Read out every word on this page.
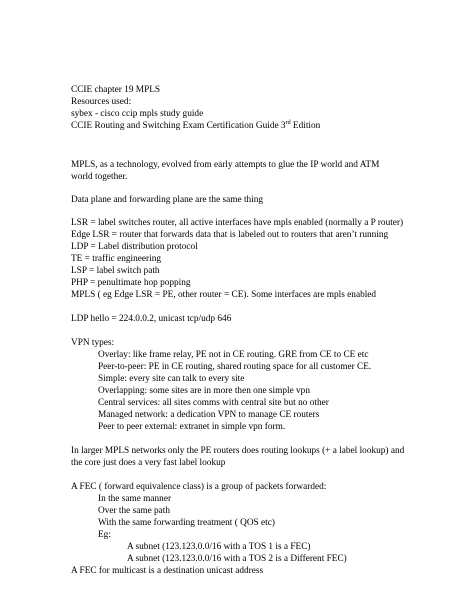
CCIE chapter 19 MPLS

Resources used:

sybex - cisco ccip mpls study guide

CCIE Routing and Switching Exam Certification Guide 3rd Edition

MPLS, as a technology, evolved from early attempts to glue the IP world and ATM

world together.

Data plane and forwarding plane are the same thing

LSR = label switches router, all active interfaces have mpls enabled (normally a P router)

Edge LSR = router that forwards data that is labeled out to routers that aren’t running

LDP = Label distribution protocol

TE = traffic engineering

LSP = label switch path

PHP = penultimate hop popping

MPLS ( eg Edge LSR = PE, other router = CE). Some interfaces are mpls enabled

LDP hello = 224.0.0.2, unicast tcp/udp 646

VPN types:

Overlay: like frame relay, PE not in CE routing. GRE from CE to CE etc

Peer-to-peer: PE in CE routing, shared routing space for all customer CE.

Simple: every site can talk to every site

Overlapping: some sites are in more then one simple vpn

Central services: all sites comms with central site but no other

Managed network: a dedication VPN to manage CE routers

Peer to peer external: extranet in simple vpn form.

In larger MPLS networks only the PE routers does routing lookups (+ a label lookup) and

the core just does a very fast label lookup

A FEC ( forward equivalence class) is a group of packets forwarded:

In the same manner

Over the same path

With the same forwarding treatment ( QOS etc)

Eg:

A subnet (123.123.0.0/16 with a TOS 1 is a FEC)

A subnet (123.123.0.0/16 with a TOS 2 is a Different FEC)

A FEC for multicast is a destination unicast address
